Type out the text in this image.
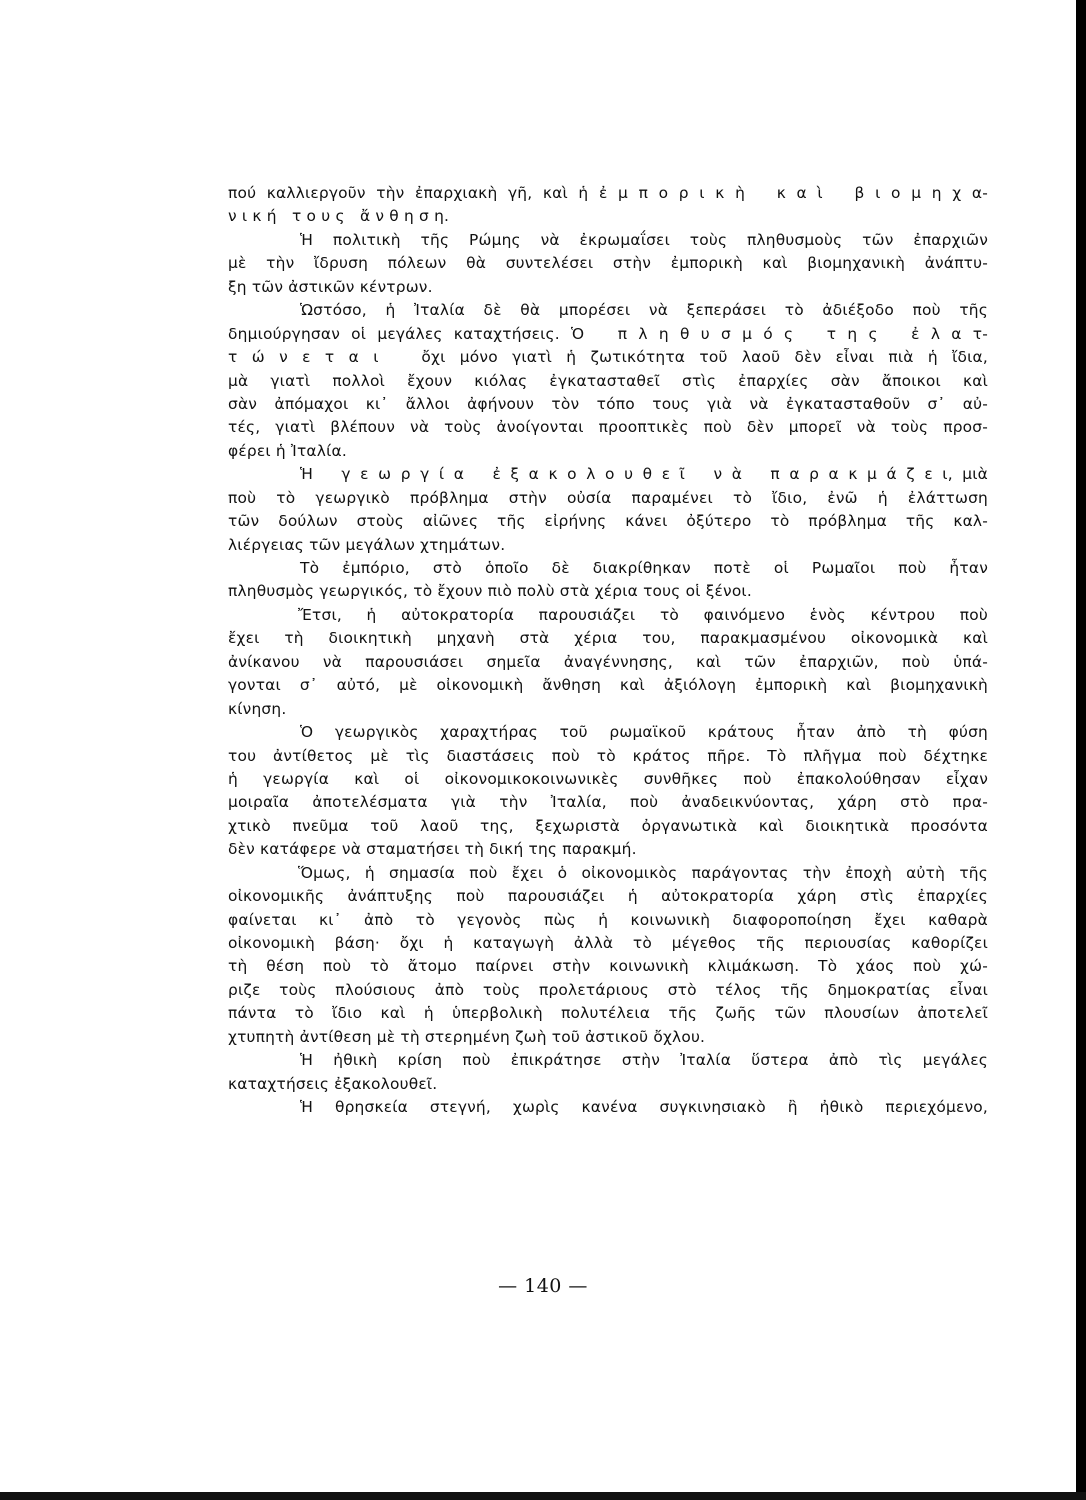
πού καλλιεργοῦν τὴν ἐπαρχιακὴ γῆ, καὶ ἡ ἐ μ π ο ρ ι κ ὴ   κ α ὶ   β ι ο μ η χ α-
ν ι κ ή   τ ο υ ς   ἄ ν θ η σ η.
Ἡ πολιτικὴ τῆς Ρώμης νὰ ἐκρωμαΐσει τοὺς πληθυσμοὺς τῶν ἐπαρχιῶν
μὲ τὴν ἴδρυση πόλεων θὰ συντελέσει στὴν ἐμπορικὴ καὶ βιομηχανικὴ ἀνάπτυ-
ξη τῶν ἀστικῶν κέντρων.
Ὡστόσο, ἡ Ἰταλία δὲ θὰ μπορέσει νὰ ξεπεράσει τὸ ἀδιέξοδο ποὺ τῆς
δημιούργησαν οἱ μεγάλες καταχτήσεις. Ὁ   π λ η θ υ σ μ ό ς   τ η ς   ἐ λ α τ-
τ ώ ν ε τ α ι   ὄχι μόνο γιατὶ ἡ ζωτικότητα τοῦ λαοῦ δὲν εἶναι πιὰ ἡ ἴδια,
μὰ γιατὶ πολλοὶ ἔχουν κιόλας ἐγκατασταθεῖ στὶς ἐπαρχίες σὰν ἄποικοι καὶ
σὰν ἀπόμαχοι κι᾽ ἄλλοι ἀφήνουν τὸν τόπο τους γιὰ νὰ ἐγκατασταθοῦν σ᾽ αὐ-
τές, γιατὶ βλέπουν νὰ τοὺς ἀνοίγονται προοπτικὲς ποὺ δὲν μπορεῖ νὰ τοὺς προσ-
φέρει ἡ Ἰταλία.
Ἡ   γ ε ω ρ γ ί α   ἐ ξ α κ ο λ ο υ θ ε ῖ   ν ὰ   π α ρ α κ μ ά ζ ε ι, μιὰ
ποὺ τὸ γεωργικὸ πρόβλημα στὴν οὐσία παραμένει τὸ ἴδιο, ἐνῶ ἡ ἐλάττωση
τῶν δούλων στοὺς αἰῶνες τῆς εἰρήνης κάνει ὀξύτερο τὸ πρόβλημα τῆς καλ-
λιέργειας τῶν μεγάλων χτημάτων.
Τὸ ἐμπόριο, στὸ ὁποῖο δὲ διακρίθηκαν ποτὲ οἱ Ρωμαῖοι ποὺ ἦταν
πληθυσμὸς γεωργικός, τὸ ἔχουν πιὸ πολὺ στὰ χέρια τους οἱ ξένοι.
Ἔτσι, ἡ αὐτοκρατορία παρουσιάζει τὸ φαινόμενο ἑνὸς κέντρου ποὺ
ἔχει τὴ διοικητικὴ μηχανὴ στὰ χέρια του, παρακμασμένου οἰκονομικὰ καὶ
ἀνίκανου νὰ παρουσιάσει σημεῖα ἀναγέννησης, καὶ τῶν ἐπαρχιῶν, ποὺ ὑπά-
γονται σ᾽ αὐτό, μὲ οἰκονομικὴ ἄνθηση καὶ ἀξιόλογη ἐμπορικὴ καὶ βιομηχανικὴ
κίνηση.
Ὁ γεωργικὸς χαραχτήρας τοῦ ρωμαϊκοῦ κράτους ἦταν ἀπὸ τὴ φύση
του ἀντίθετος μὲ τὶς διαστάσεις ποὺ τὸ κράτος πῆρε. Τὸ πλῆγμα ποὺ δέχτηκε
ἡ γεωργία καὶ οἱ οἰκονομικοκοινωνικὲς συνθῆκες ποὺ ἐπακολούθησαν εἶχαν
μοιραῖα ἀποτελέσματα γιὰ τὴν Ἰταλία, ποὺ ἀναδεικνύοντας, χάρη στὸ πρα-
χτικὸ πνεῦμα τοῦ λαοῦ της, ξεχωριστὰ ὀργανωτικὰ καὶ διοικητικὰ προσόντα
δὲν κατάφερε νὰ σταματήσει τὴ δική της παρακμή.
Ὅμως, ἡ σημασία ποὺ ἔχει ὁ οἰκονομικὸς παράγοντας τὴν ἐποχὴ αὐτὴ τῆς
οἰκονομικῆς ἀνάπτυξης ποὺ παρουσιάζει ἡ αὐτοκρατορία χάρη στὶς ἐπαρχίες
φαίνεται κι᾽ ἀπὸ τὸ γεγονὸς πὼς ἡ κοινωνικὴ διαφοροποίηση ἔχει καθαρὰ
οἰκονομικὴ βάση· ὄχι ἡ καταγωγὴ ἀλλὰ τὸ μέγεθος τῆς περιουσίας καθορίζει
τὴ θέση ποὺ τὸ ἄτομο παίρνει στὴν κοινωνικὴ κλιμάκωση. Τὸ χάος ποὺ χώ-
ριζε τοὺς πλούσιους ἀπὸ τοὺς προλετάριους στὸ τέλος τῆς δημοκρατίας εἶναι
πάντα τὸ ἴδιο καὶ ἡ ὑπερβολικὴ πολυτέλεια τῆς ζωῆς τῶν πλουσίων ἀποτελεῖ
χτυπητὴ ἀντίθεση μὲ τὴ στερημένη ζωὴ τοῦ ἀστικοῦ ὄχλου.
Ἡ ἠθικὴ κρίση ποὺ ἐπικράτησε στὴν Ἰταλία ὕστερα ἀπὸ τὶς μεγάλες
καταχτήσεις ἐξακολουθεῖ.
Ἡ θρησκεία στεγνή, χωρὶς κανένα συγκινησιακὸ ἢ ἠθικὸ περιεχόμενο,
— 140 —
